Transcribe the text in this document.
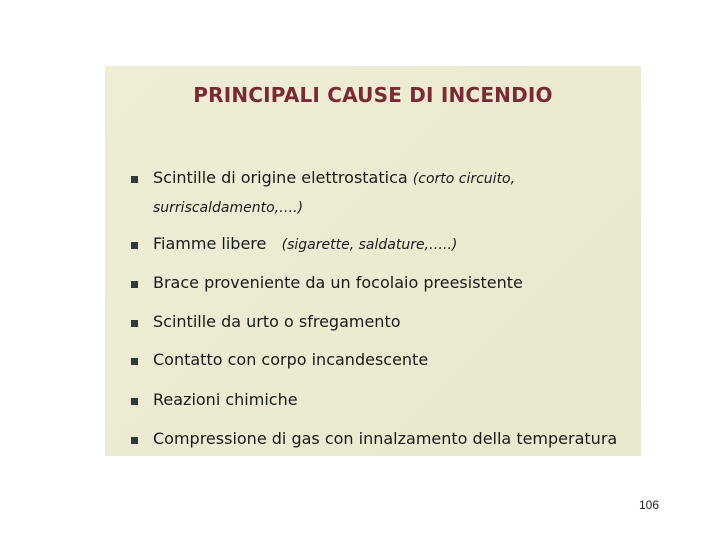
PRINCIPALI CAUSE DI INCENDIO
Scintille di origine elettrostatica (corto circuito,
surriscaldamento,….)
Fiamme libere (sigarette, saldature,…..)
Brace proveniente da un focolaio preesistente
Scintille da urto o sfregamento
Contatto con corpo incandescente
Reazioni chimiche
Compressione di gas con innalzamento della temperatura
106
